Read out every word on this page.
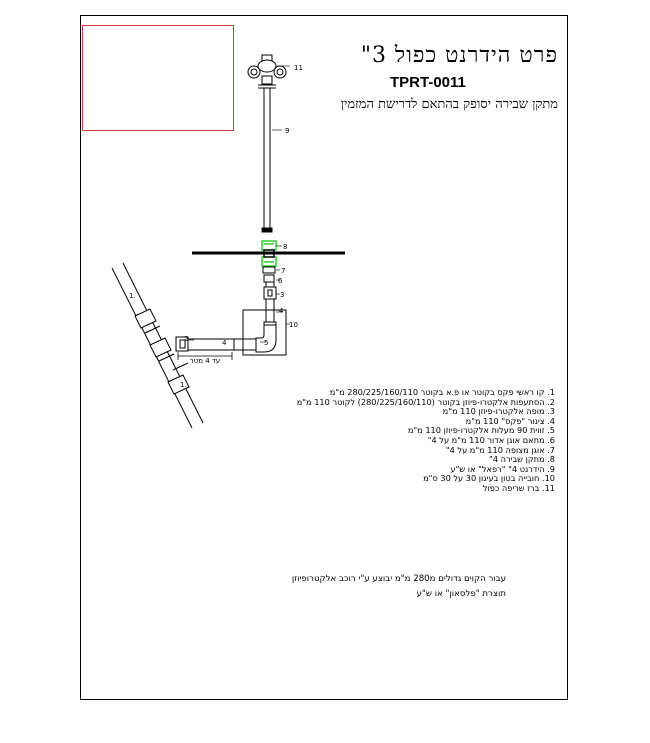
פרט הידרנט כפול 3"
TPRT-0011
מתקן שבירה יסופק בהתאם לדרישת המזמין
11
9
8
7
6
3
4
10
5
4
2
1.
1.
עד 4 מטר
1. קו ראשי פקס בקוטר או פ.א בקוטר 280/225/160/110 מ"מ
2. הסתעפות אלקטרו-פיוזן בקוטר (280/225/160/110) לקוטר 110 מ"מ
3. מופה אלקטרו-פיוזן 110 מ"מ
4. צינור "פקס" 110 מ"מ
5. זווית 90 מעלות אלקטרו-פיוזן 110 מ"מ
6. מתאם אוגן אדור 110 מ"מ על 4"
7. אוגן מצופה 110 מ"מ על 4"
8. מתקן שבירה 4"
9. הידרנט 4" "רפאל" או ש"ע
10. חובייה בטון בעיגון 30 על 30 ס"מ
11. ברז שריפה כפול
עבור הקוים גדולים מ280 מ"מ יבוצע ע"י רוכב אלקטרופיוזן
תוצרת "פלסאון" או ש"ע
